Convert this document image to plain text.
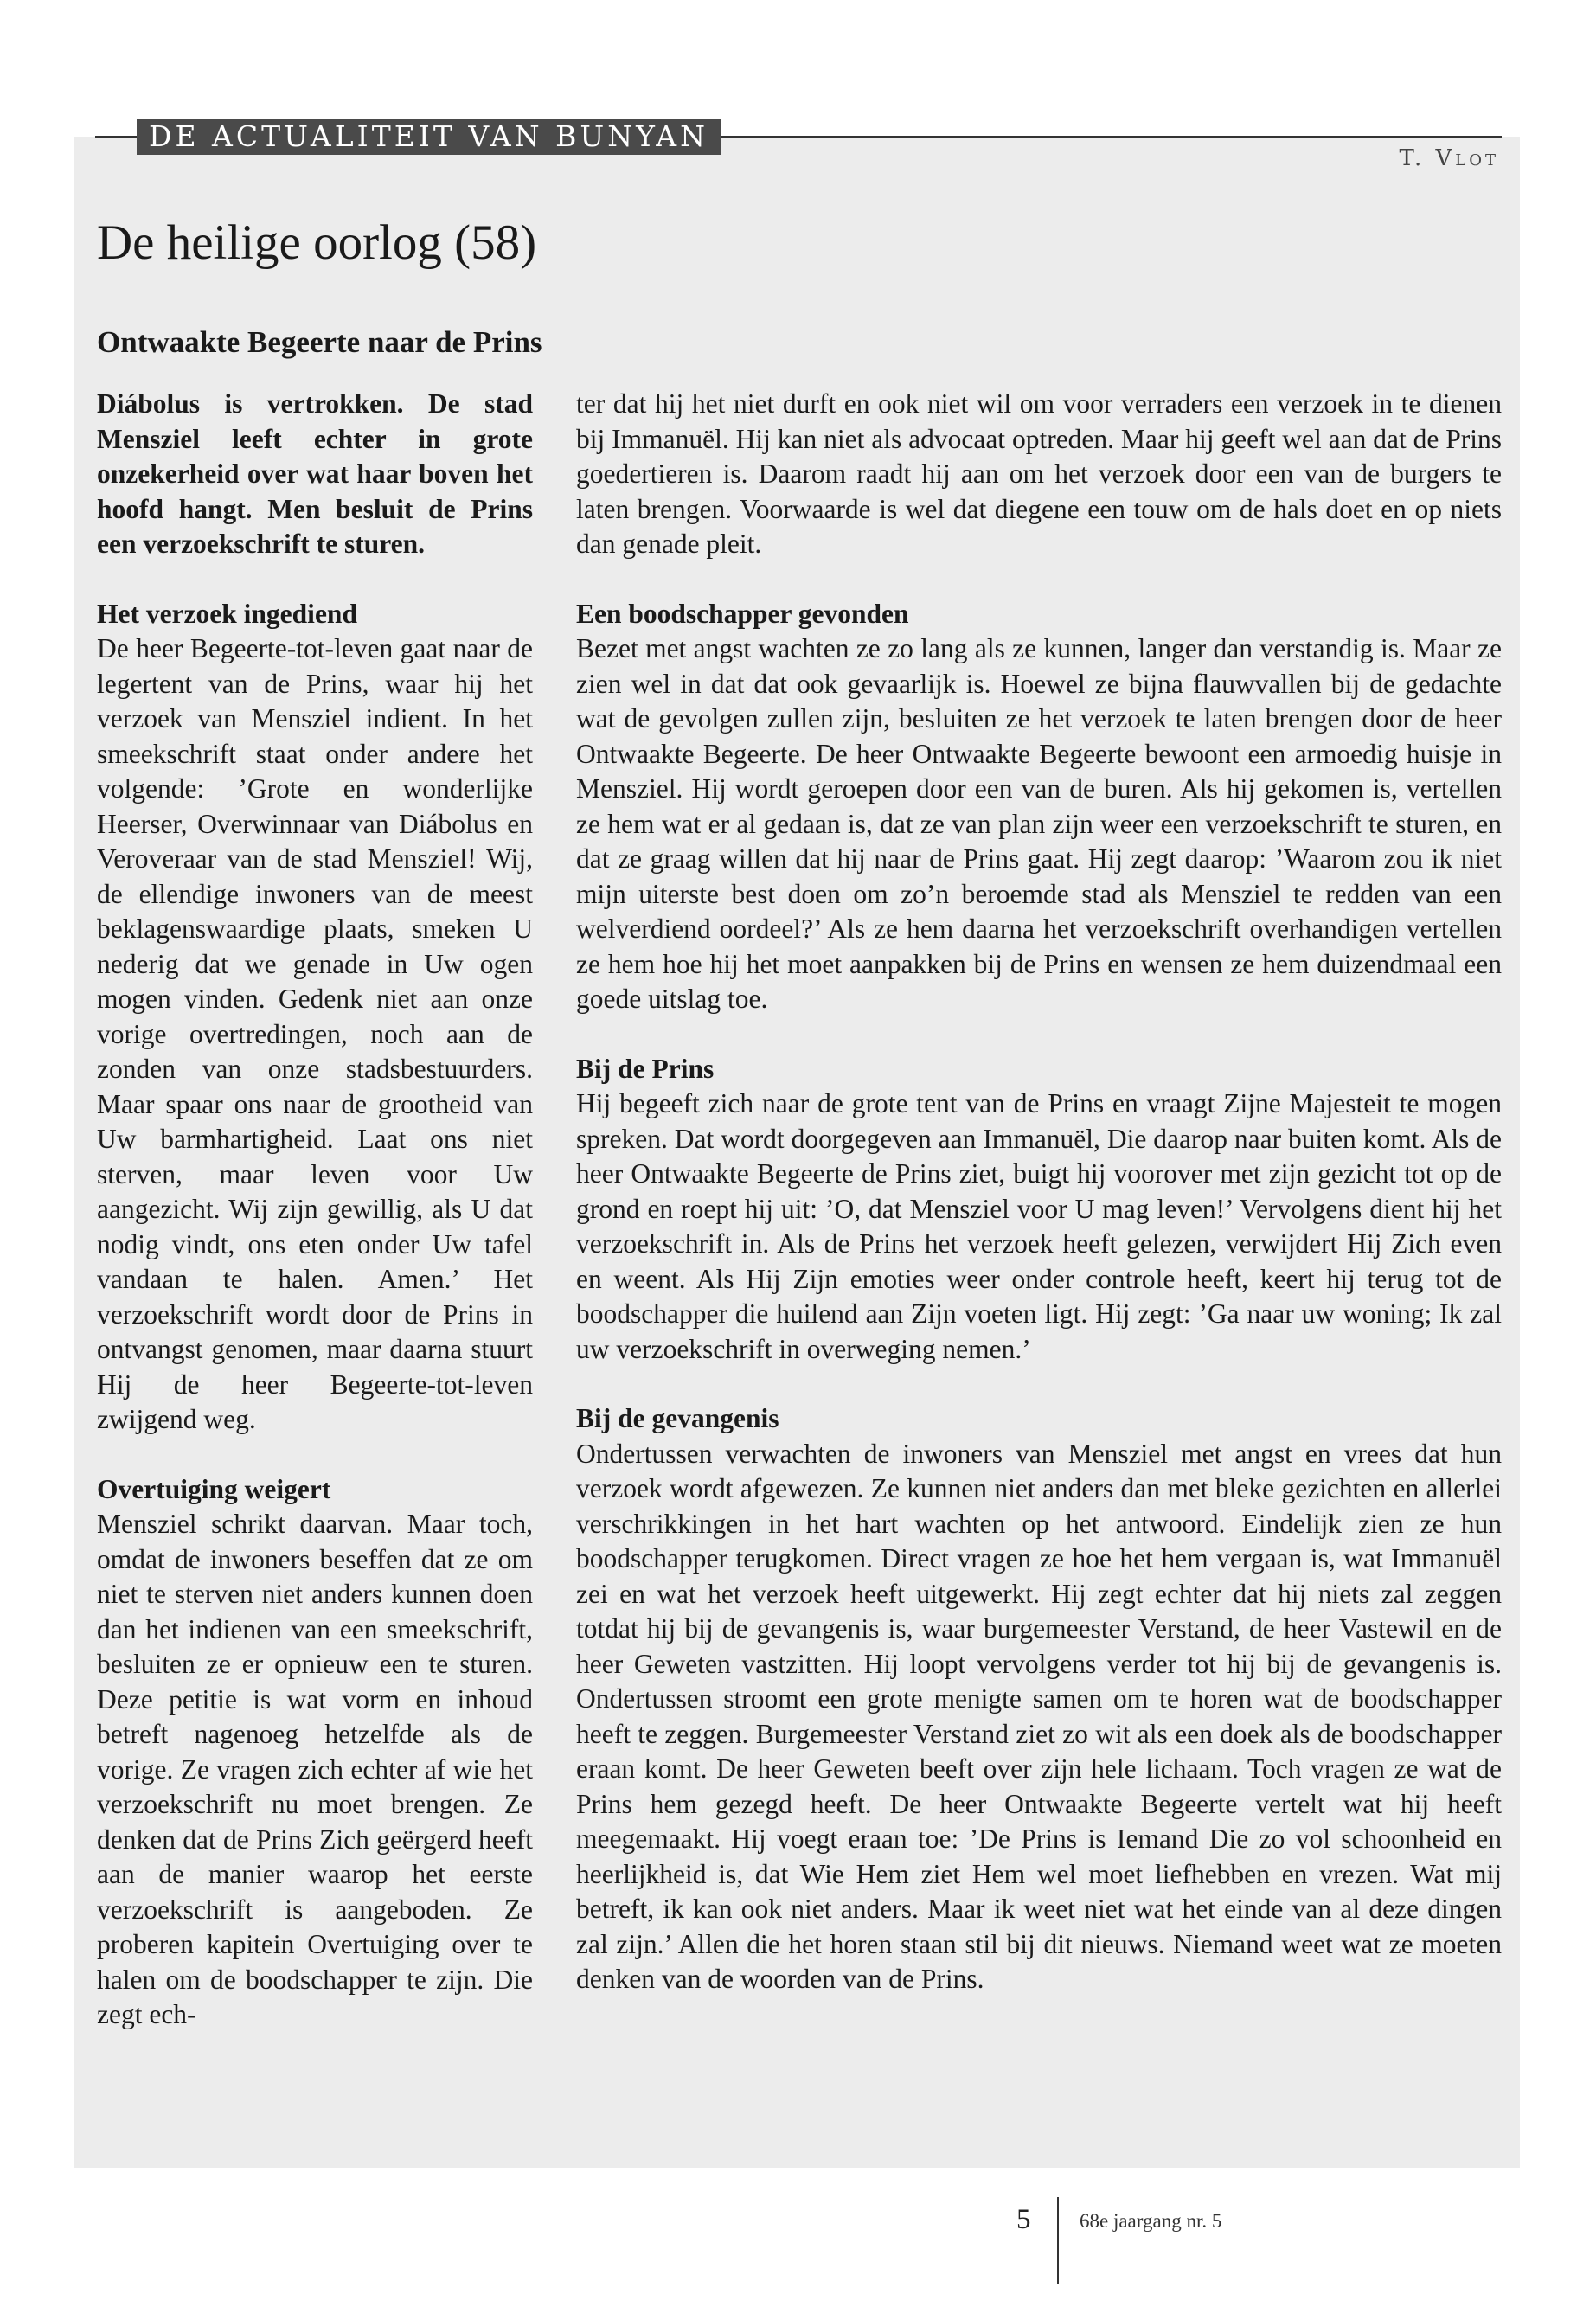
DE ACTUALITEIT VAN BUNYAN
T. Vlot
De heilige oorlog (58)
Ontwaakte Begeerte naar de Prins

Diábolus is vertrokken. De stad Mensziel leeft echter in grote onzekerheid over wat haar boven het hoofd hangt. Men besluit de Prins een verzoekschrift te sturen.

Het verzoek ingediend

De heer Begeerte-tot-leven gaat naar de legertent van de Prins, waar hij het verzoek van Mensziel indient. In het smeekschrift staat onder andere het volgende: ’Grote en wonderlijke Heerser, Overwinnaar van Diábolus en Veroveraar van de stad Mensziel! Wij, de ellendige inwoners van de meest beklagenswaardige plaats, smeken U nederig dat we genade in Uw ogen mogen vinden. Gedenk niet aan onze vorige overtredingen, noch aan de zonden van onze stadsbestuurders. Maar spaar ons naar de grootheid van Uw barmhartigheid. Laat ons niet sterven, maar leven voor Uw aangezicht. Wij zijn gewillig, als U dat nodig vindt, ons eten onder Uw tafel vandaan te halen. Amen.’ Het verzoekschrift wordt door de Prins in ontvangst genomen, maar daarna stuurt Hij de heer Begeerte-tot-leven zwijgend weg.

Overtuiging weigert

Mensziel schrikt daarvan. Maar toch, omdat de inwoners beseffen dat ze om niet te sterven niet anders kunnen doen dan het indienen van een smeekschrift, besluiten ze er opnieuw een te sturen. Deze petitie is wat vorm en inhoud betreft nagenoeg hetzelfde als de vorige. Ze vragen zich echter af wie het verzoekschrift nu moet brengen. Ze denken dat de Prins Zich geërgerd heeft aan de manier waarop het eerste verzoekschrift is aangeboden. Ze proberen kapitein Overtuiging over te halen om de boodschapper te zijn. Die zegt ech-

ter dat hij het niet durft en ook niet wil om voor verraders een verzoek in te dienen bij Immanuël. Hij kan niet als advocaat optreden. Maar hij geeft wel aan dat de Prins goedertieren is. Daarom raadt hij aan om het verzoek door een van de burgers te laten brengen. Voorwaarde is wel dat diegene een touw om de hals doet en op niets dan genade pleit.

Een boodschapper gevonden

Bezet met angst wachten ze zo lang als ze kunnen, langer dan verstandig is. Maar ze zien wel in dat dat ook gevaarlijk is. Hoewel ze bijna flauwvallen bij de gedachte wat de gevolgen zullen zijn, besluiten ze het verzoek te laten brengen door de heer Ontwaakte Begeerte. De heer Ontwaakte Begeerte bewoont een armoedig huisje in Mensziel. Hij wordt geroepen door een van de buren. Als hij gekomen is, vertellen ze hem wat er al gedaan is, dat ze van plan zijn weer een verzoekschrift te sturen, en dat ze graag willen dat hij naar de Prins gaat. Hij zegt daarop: ’Waarom zou ik niet mijn uiterste best doen om zo’n beroemde stad als Mensziel te redden van een welverdiend oordeel?’ Als ze hem daarna het verzoekschrift overhandigen vertellen ze hem hoe hij het moet aanpakken bij de Prins en wensen ze hem duizendmaal een goede uitslag toe.

Bij de Prins

Hij begeeft zich naar de grote tent van de Prins en vraagt Zijne Majesteit te mogen spreken. Dat wordt doorgegeven aan Immanuël, Die daarop naar buiten komt. Als de heer Ontwaakte Begeerte de Prins ziet, buigt hij voorover met zijn gezicht tot op de grond en roept hij uit: ’O, dat Mensziel voor U mag leven!’ Vervolgens dient hij het verzoekschrift in. Als de Prins het verzoek heeft gelezen, verwijdert Hij Zich even en weent. Als Hij Zijn emoties weer onder controle heeft, keert hij terug tot de boodschapper die huilend aan Zijn voeten ligt. Hij zegt: ’Ga naar uw woning; Ik zal uw verzoekschrift in overweging nemen.’

Bij de gevangenis

Ondertussen verwachten de inwoners van Mensziel met angst en vrees dat hun verzoek wordt afgewezen. Ze kunnen niet anders dan met bleke gezichten en allerlei verschrikkingen in het hart wachten op het antwoord. Eindelijk zien ze hun boodschapper terugkomen. Direct vragen ze hoe het hem vergaan is, wat Immanuël zei en wat het verzoek heeft uitgewerkt. Hij zegt echter dat hij niets zal zeggen totdat hij bij de gevangenis is, waar burgemeester Verstand, de heer Vastewil en de heer Geweten vastzitten. Hij loopt vervolgens verder tot hij bij de gevangenis is. Ondertussen stroomt een grote menigte samen om te horen wat de boodschapper heeft te zeggen. Burgemeester Verstand ziet zo wit als een doek als de boodschapper eraan komt. De heer Geweten beeft over zijn hele lichaam. Toch vragen ze wat de Prins hem gezegd heeft. De heer Ontwaakte Begeerte vertelt wat hij heeft meegemaakt. Hij voegt eraan toe: ’De Prins is Iemand Die zo vol schoonheid en heerlijkheid is, dat Wie Hem ziet Hem wel moet liefhebben en vrezen. Wat mij betreft, ik kan ook niet anders. Maar ik weet niet wat het einde van al deze dingen zal zijn.’ Allen die het horen staan stil bij dit nieuws. Niemand weet wat ze moeten denken van de woorden van de Prins.

5 68e jaargang nr. 5
